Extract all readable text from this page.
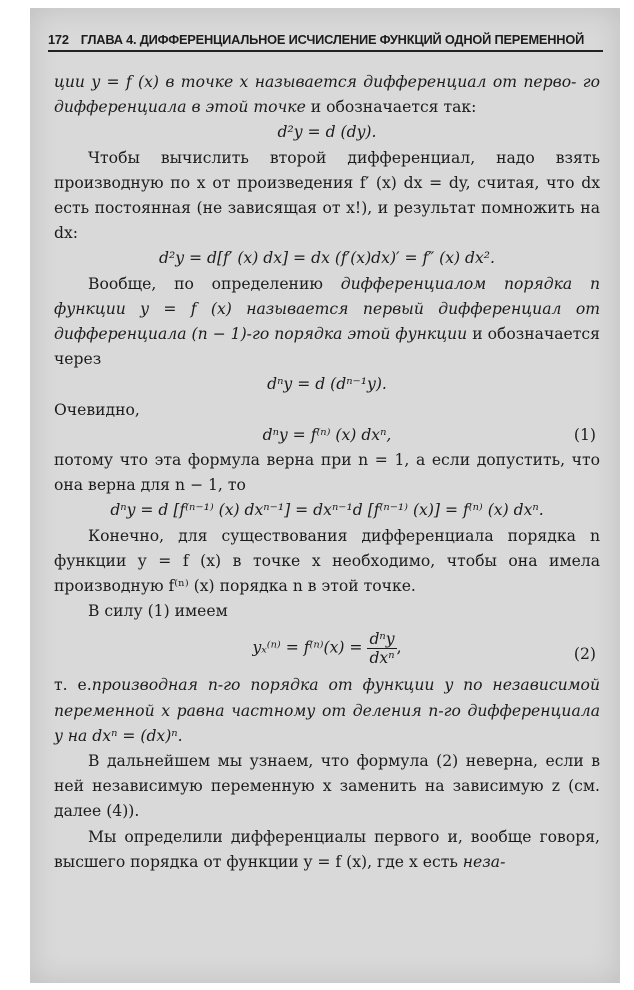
172 ГЛАВА 4. ДИФФЕРЕНЦИАЛЬНОЕ ИСЧИСЛЕНИЕ ФУНКЦИЙ ОДНОЙ ПЕРЕМЕННОЙ

ции y = f (x) в точке x называется дифференциал от перво- го дифференциала в этой точке и обозначается так:

d²y = d (dy).

Чтобы вычислить второй дифференциал, надо взять производную по x от произведения f′ (x) dx = dy, считая, что dx есть постоянная (не зависящая от x!), и результат помножить на dx:

d²y = d[f′ (x) dx] = dx (f′(x)dx)′ = f″ (x) dx².

Вообще, по определению дифференциалом порядка n функции y = f (x) называется первый дифференциал от дифференциала (n − 1)-го порядка этой функции и обозначается через

dⁿy = d (dⁿ⁻¹y).

Очевидно,

dⁿy = f⁽ⁿ⁾ (x) dxⁿ,	(1)

потому что эта формула верна при n = 1, а если допустить, что она верна для n − 1, то

dⁿy = d [f⁽ⁿ⁻¹⁾ (x) dxⁿ⁻¹] = dxⁿ⁻¹d [f⁽ⁿ⁻¹⁾ (x)] = f⁽ⁿ⁾ (x) dxⁿ.

Конечно, для существования дифференциала порядка n функции y = f (x) в точке x необходимо, чтобы она имела производную f⁽ⁿ⁾ (x) порядка n в этой точке.

В силу (1) имеем

$y_x^{(n)} = f^{(n)}(x) = \frac{\text{dⁿy}}{\text{dxⁿ}}$ ,	(2)

т. е.производная n-го порядка от функции y по независимой переменной x равна частному от деления n-го дифференциала y на dxⁿ = (dx)ⁿ.

В дальнейшем мы узнаем, что формула (2) неверна, если в ней независимую переменную x заменить на зависимую z (см. далее (4)).

Мы определили дифференциалы первого и, вообще говоря, высшего порядка от функции y = f (x), где x есть неза-
